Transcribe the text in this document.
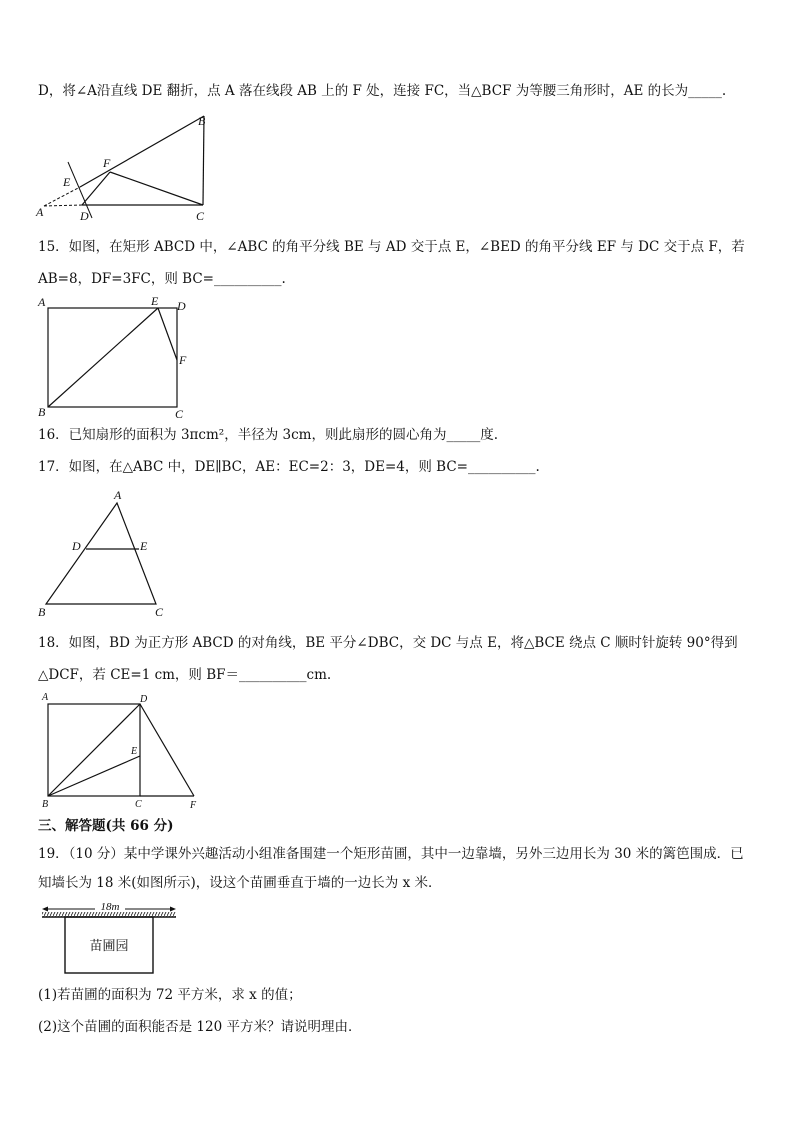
D，将∠A沿直线 DE 翻折，点 A 落在线段 AB 上的 F 处，连接 FC，当△BCF 为等腰三角形时，AE 的长为_____.
A
B
C
D
E
F
15．如图，在矩形 ABCD 中，∠ABC 的角平分线 BE 与 AD 交于点 E，∠BED 的角平分线 EF 与 DC 交于点 F，若
AB=8，DF=3FC，则 BC=__________.
A
B	C
D
E
F
16．已知扇形的面积为 3πcm²，半径为 3cm，则此扇形的圆心角为_____度.
17．如图，在△ABC 中，DE∥BC，AE：EC=2：3，DE=4，则 BC=__________.
A
B	C
D	E
18．如图，BD 为正方形 ABCD 的对角线，BE 平分∠DBC，交 DC 与点 E，将△BCE 绕点 C 顺时针旋转 90°得到
△DCF，若 CE=1 cm，则 BF＝__________cm.
A	D
B	C	F
E
三、解答题(共 66 分)
19．（10 分）某中学课外兴趣活动小组准备围建一个矩形苗圃，其中一边靠墙，另外三边用长为 30 米的篱笆围成．已
知墙长为 18 米(如图所示)，设这个苗圃垂直于墙的一边长为 x 米．
18m
苗圃园
(1)若苗圃的面积为 72 平方米，求 x 的值；
(2)这个苗圃的面积能否是 120 平方米？请说明理由．
